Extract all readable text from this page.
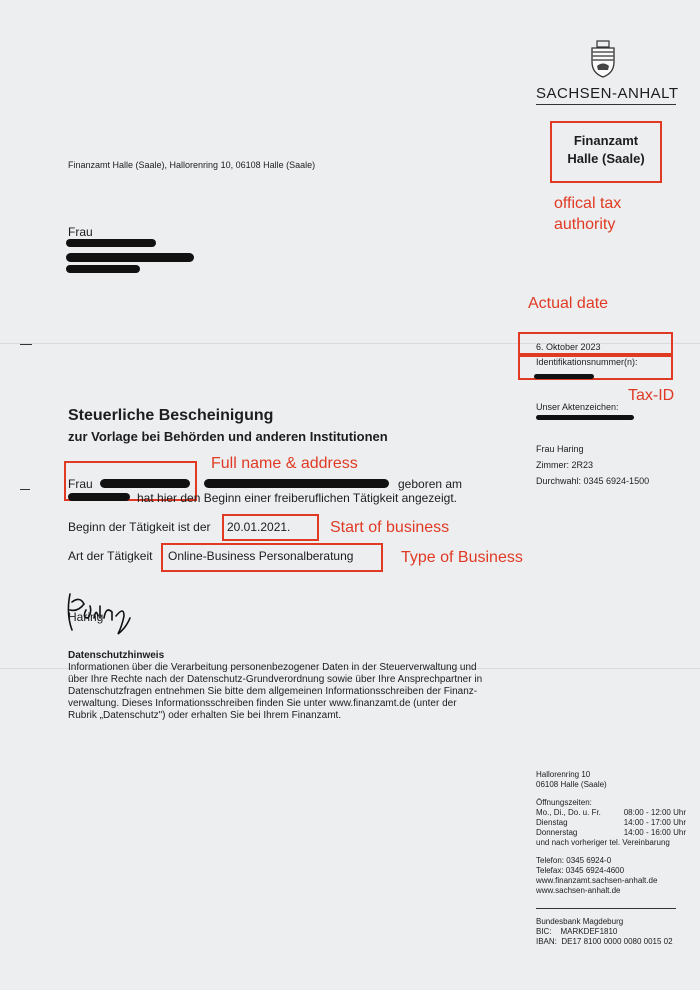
SACHSEN-ANHALT
Finanzamt
Halle (Saale)
offical tax
authority
Finanzamt Halle (Saale), Hallorenring 10, 06108 Halle (Saale)
Frau
Actual date
6. Oktober 2023
Identifikationsnummer(n):
Tax-ID
Unser Aktenzeichen:
Frau Haring
Zimmer: 2R23
Durchwahl: 0345 6924-1500
Steuerliche Bescheinigung
zur Vorlage bei Behörden und anderen Institutionen
Full name & address
Frau	geboren am
hat hier den Beginn einer freiberuflichen Tätigkeit angezeigt.
Beginn der Tätigkeit ist der 20.01.2021. Start of business
Art der Tätigkeit Online-Business Personalberatung	Type of Business
Haring
Datenschutzhinweis
Informationen über die Verarbeitung personenbezogener Daten in der Steuerverwaltung und
über Ihre Rechte nach der Datenschutz-Grundverordnung sowie über Ihre Ansprechpartner in
Datenschutzfragen entnehmen Sie bitte dem allgemeinen Informationsschreiben der Finanz-
verwaltung. Dieses Informationsschreiben finden Sie unter www.finanzamt.de (unter der
Rubrik „Datenschutz") oder erhalten Sie bei Ihrem Finanzamt.
Hallorenring 10
06108 Halle (Saale)
Öffnungszeiten:
Mo., Di., Do. u. Fr.	08:00 - 12:00 Uhr
Dienstag	14:00 - 17:00 Uhr
Donnerstag	14:00 - 16:00 Uhr
und nach vorheriger tel. Vereinbarung
Telefon: 0345 6924-0
Telefax: 0345 6924-4600
www.finanzamt.sachsen-anhalt.de
www.sachsen-anhalt.de
Bundesbank Magdeburg
BIC:    MARKDEF1810
IBAN:  DE17 8100 0000 0080 0015 02
